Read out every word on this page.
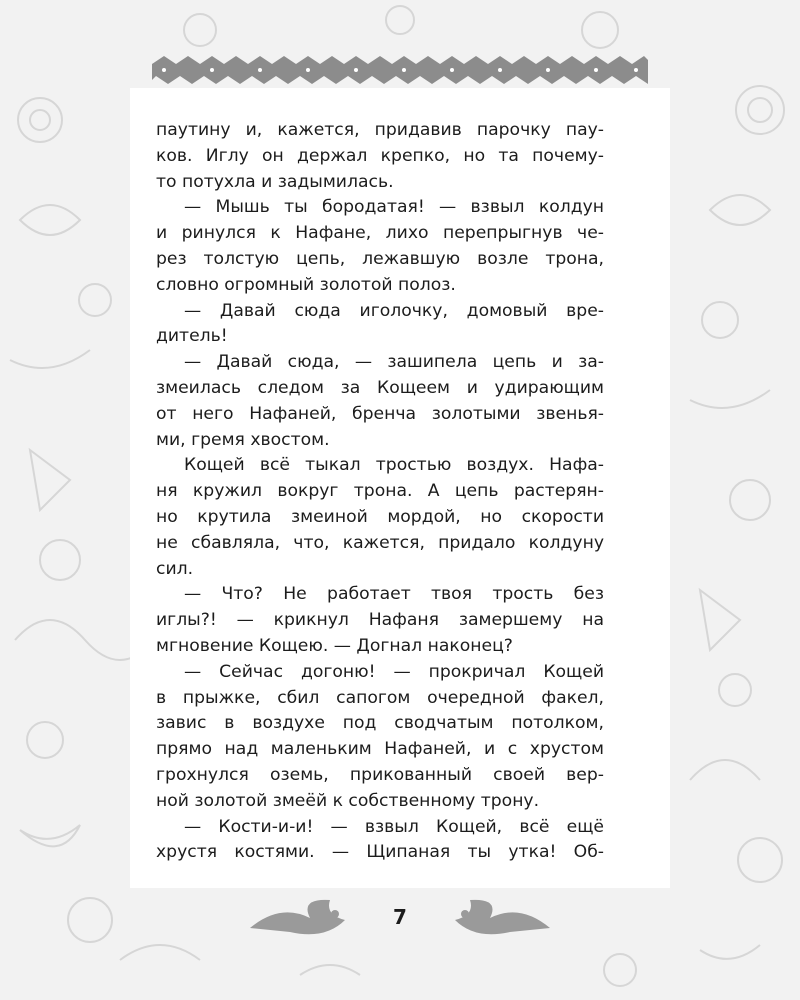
паутину и, кажется, придавив парочку пау-
ков. Иглу он держал крепко, но та почему-
то потухла и задымилась.
— Мышь ты бородатая! — взвыл колдун
и ринулся к Нафане, лихо перепрыгнув че-
рез толстую цепь, лежавшую возле трона,
словно огромный золотой полоз.
— Давай сюда иголочку, домовый вре-
дитель!
— Давай сюда, — зашипела цепь и за-
змеилась следом за Кощеем и удирающим
от него Нафаней, бренча золотыми звенья-
ми, гремя хвостом.
Кощей всё тыкал тростью воздух. Нафа-
ня кружил вокруг трона. А цепь растерян-
но крутила змеиной мордой, но скорости
не сбавляла, что, кажется, придало колдуну
сил.
— Что? Не работает твоя трость без
иглы?! — крикнул Нафаня замершему на
мгновение Кощею. — Догнал наконец?
— Сейчас догоню! — прокричал Кощей
в прыжке, сбил сапогом очередной факел,
завис в воздухе под сводчатым потолком,
прямо над маленьким Нафаней, и с хрустом
грохнулся оземь, прикованный своей вер-
ной золотой змеёй к собственному трону.
— Кости-и-и! — взвыл Кощей, всё ещё
хрустя костями. — Щипаная ты утка! Об-
7
